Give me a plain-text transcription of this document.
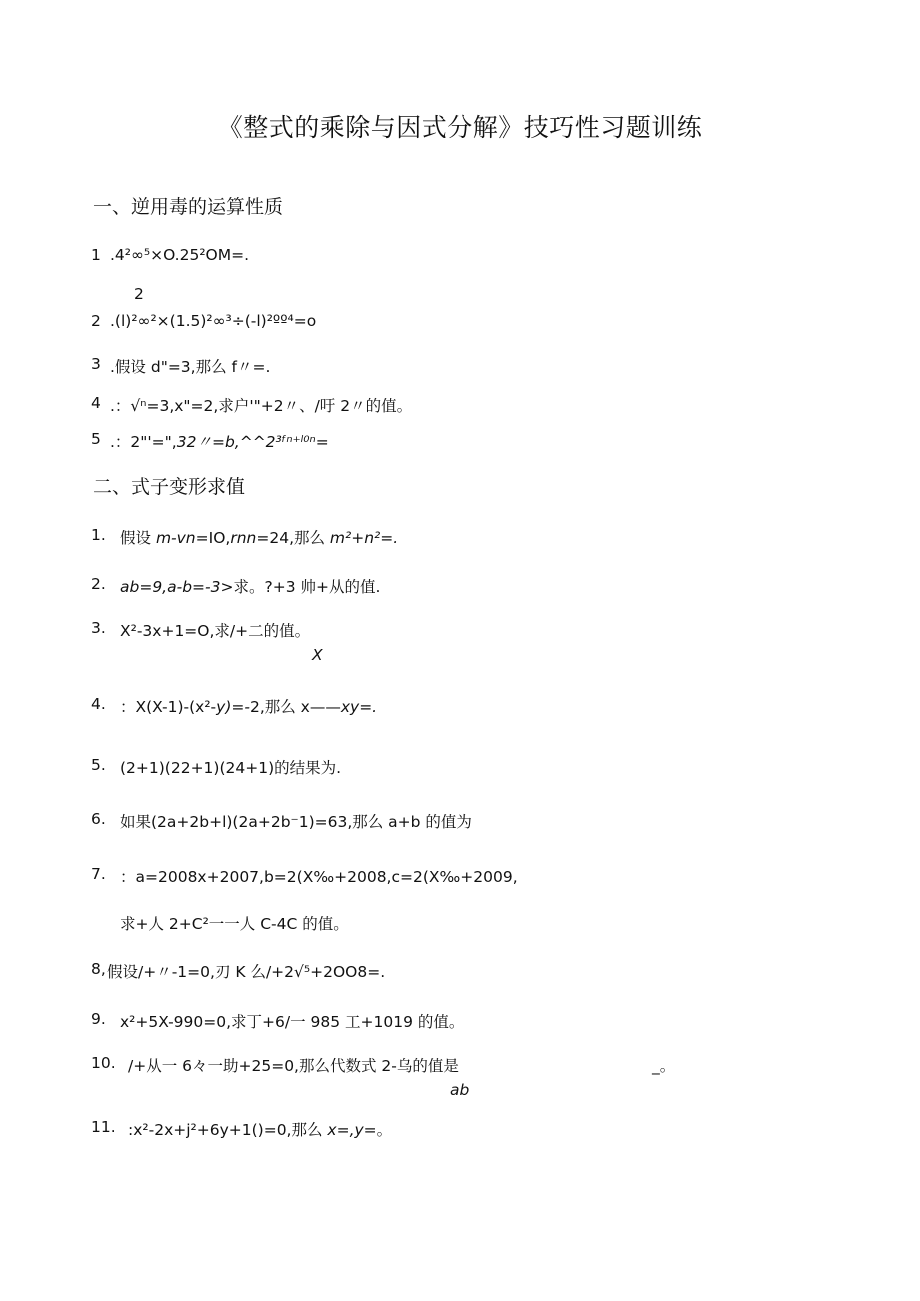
《整式的乘除与因式分解》技巧性习题训练
一、逆用毒的运算性质
1 .4²∞⁵×O.25²OM=.
2
2 .(l)²∞²×(1.5)²∞³÷(-l)²ºº⁴=o
3 .假设 d"=3,那么 f〃=.
4 .：√ⁿ=3,x"=2,求户'"+2〃、/吁 2〃的值。
5 .：2"'=",32〃=b,^^2³ᶠⁿ⁺ˡ⁰ⁿ=
二、式子变形求值
1. 假设 m-vn=IO,rnn=24,那么 m²+n²=.
2. ab=9,a-b=-3>求。?+3 帅+从的值.
3. X²-3x+1=O,求/+二的值。
X
4. ：X(X-1)-(x²-y)=-2,那么 x——xy=.
5. (2+1)(22+1)(24+1)的结果为.
6. 如果(2a+2b+l)(2a+2b⁻1)=63,那么 a+b 的值为
7. ：a=2008x+2007,b=2(X‰+2008,c=2(X‰+2009,
求+人 2+C²一一人 C-4C 的值。
8, 假设/+〃-1=0,刃 K 么/+2√⁵+2OO8=.
9. x²+5X-990=0,求丁+6/一 985 工+1019 的值。
10. /+从一 6々一助+25=0,那么代数式 2-乌的值是	_。
ab
11. :x²-2x+j²+6y+1()=0,那么 x=,y=。
